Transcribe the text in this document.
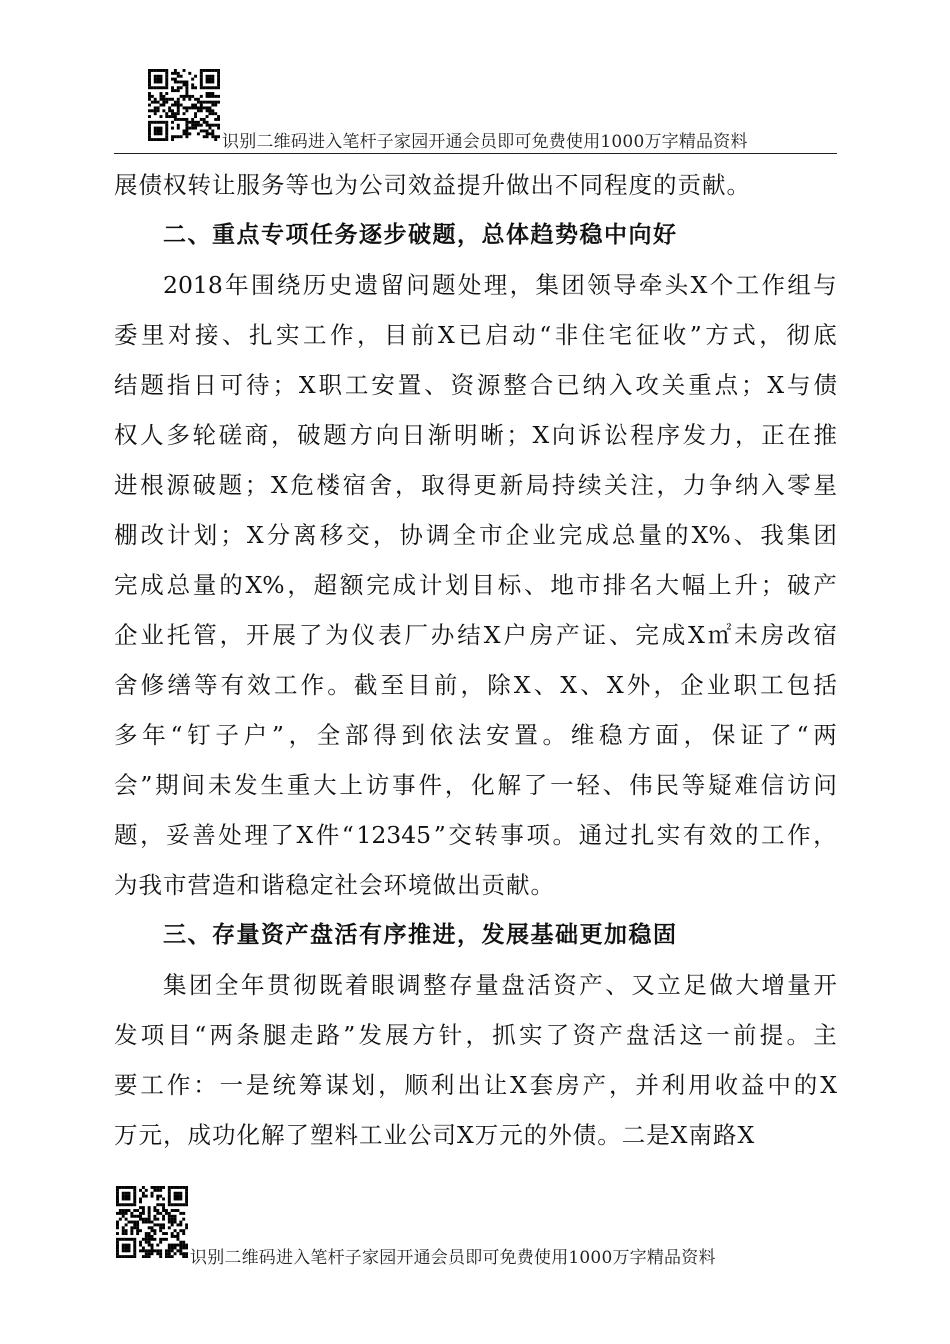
识别二维码进入笔杆子家园开通会员即可免费使用1000万字精品资料
展债权转让服务等也为公司效益提升做出不同程度的贡献。
二、重点专项任务逐步破题，总体趋势稳中向好
2018 年 围 绕 历 史 遗 留 问 题 处 理 ， 集 团 领 导 牵 头 X 个 工 作 组 与
委 里 对 接 、 扎 实 工 作 ， 目 前 X 已 启 动 “ 非 住 宅 征 收 ” 方 式 ， 彻 底
结 题 指 日 可 待 ； X 职 工 安 置 、 资 源 整 合 已 纳 入 攻 关 重 点 ； X 与 债
权 人 多 轮 磋 商 ， 破 题 方 向 日 渐 明 晰 ； X 向 诉 讼 程 序 发 力 ， 正 在 推
进 根 源 破 题 ； X 危 楼 宿 舍 ， 取 得 更 新 局 持 续 关 注 ， 力 争 纳 入 零 星
棚 改 计 划 ； X 分 离 移 交 ， 协 调 全 市 企 业 完 成 总 量 的 X% 、 我 集 团
完 成 总 量 的 X% ， 超 额 完 成 计 划 目 标 、 地 市 排 名 大 幅 上 升 ； 破 产
企 业 托 管 ， 开 展 了 为 仪 表 厂 办 结 X 户 房 产 证 、 完 成 X ㎡ 未 房 改 宿
舍 修 缮 等 有 效 工 作 。 截 至 目 前 ， 除 X 、 X 、 X 外 ， 企 业 职 工 包 括
多 年 “ 钉 子 户 ” ， 全 部 得 到 依 法 安 置 。 维 稳 方 面 ， 保 证 了 “ 两
会 ” 期 间 未 发 生 重 大 上 访 事 件 ， 化 解 了 一 轻 、 伟 民 等 疑 难 信 访 问
题 ， 妥 善 处 理 了 X 件 “ 12345 ” 交 转 事 项 。 通 过 扎 实 有 效 的 工 作 ，
为我市营造和谐稳定社会环境做出贡献。
三、存量资产盘活有序推进，发展基础更加稳固
集 团 全 年 贯 彻 既 着 眼 调 整 存 量 盘 活 资 产 、 又 立 足 做 大 增 量 开
发 项 目 “ 两 条 腿 走 路 ” 发 展 方 针 ， 抓 实 了 资 产 盘 活 这 一 前 提 。 主
要 工 作 ： 一 是 统 筹 谋 划 ， 顺 利 出 让 X 套 房 产 ， 并 利 用 收 益 中 的 X
万元，成功化解了塑料工业公司X万元的外债。二是X南路X
识别二维码进入笔杆子家园开通会员即可免费使用1000万字精品资料
